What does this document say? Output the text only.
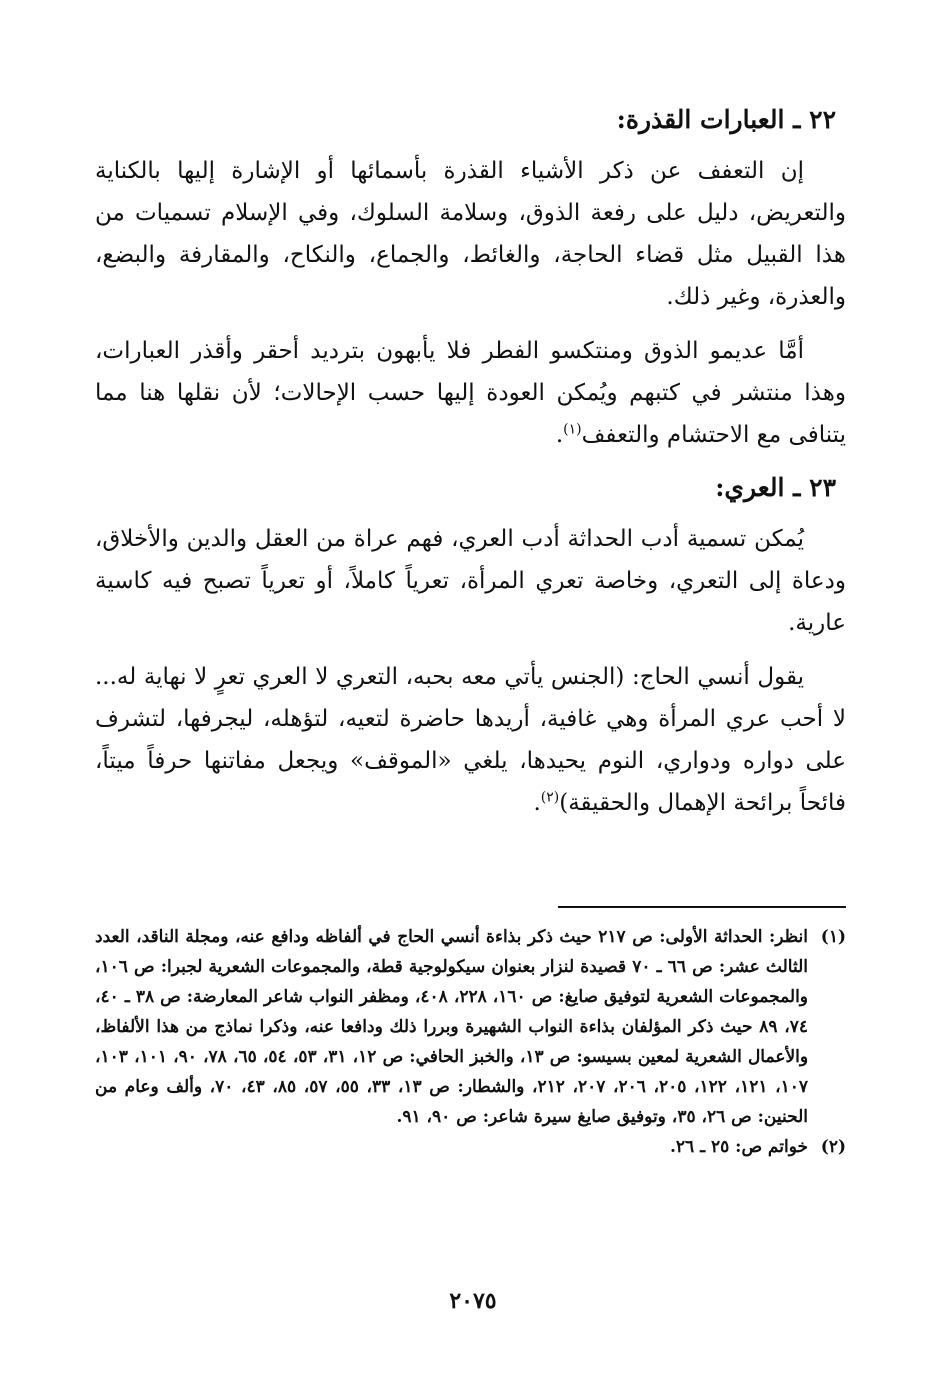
٢٢ ـ العبارات القذرة:

إن التعفف عن ذكر الأشياء القذرة بأسمائها أو الإشارة إليها بالكناية والتعريض، دليل على رفعة الذوق، وسلامة السلوك، وفي الإسلام تسميات من هذا القبيل مثل قضاء الحاجة، والغائط، والجماع، والنكاح، والمقارفة والبضع، والعذرة، وغير ذلك.

أمَّا عديمو الذوق ومنتكسو الفطر فلا يأبهون بترديد أحقر وأقذر العبارات، وهذا منتشر في كتبهم ويُمكن العودة إليها حسب الإحالات؛ لأن نقلها هنا مما يتنافى مع الاحتشام والتعفف$^{(١)}$.

٢٣ ـ العري:

يُمكن تسمية أدب الحداثة أدب العري، فهم عراة من العقل والدين والأخلاق، ودعاة إلى التعري، وخاصة تعري المرأة، تعرياً كاملاً، أو تعرياً تصبح فيه كاسية عارية.

يقول أنسي الحاج: (الجنس يأتي معه بحبه، التعري لا العري تعرٍ لا نهاية له... لا أحب عري المرأة وهي غافية، أريدها حاضرة لتعيه، لتؤهله، ليجرفها، لتشرف على دواره ودواري، النوم يحيدها، يلغي «الموقف» ويجعل مفاتنها حرفاً ميتاً، فائحاً برائحة الإهمال والحقيقة)$^{(٢)}$.

(١)
انظر: الحداثة الأولى: ص ٢١٧ حيث ذكر بذاءة أنسي الحاج في ألفاظه ودافع عنه، ومجلة الناقد، العدد الثالث عشر: ص ٦٦ ـ ٧٠ قصيدة لنزار بعنوان سيكولوجية قطة، والمجموعات الشعرية لجبرا: ص ١٠٦، والمجموعات الشعرية لتوفيق صايغ: ص ١٦٠، ٢٢٨، ٤٠٨، ومظفر النواب شاعر المعارضة: ص ٣٨ ـ ٤٠، ٧٤، ٨٩ حيث ذكر المؤلفان بذاءة النواب الشهيرة وبررا ذلك ودافعا عنه، وذكرا نماذج من هذا الألفاظ، والأعمال الشعرية لمعين بسيسو: ص ١٣، والخبز الحافي: ص ١٢، ٣١، ٥٣، ٥٤، ٦٥، ٧٨، ٩٠، ١٠١، ١٠٣، ١٠٧، ١٢١، ١٢٢، ٢٠٥، ٢٠٦، ٢٠٧، ٢١٢، والشطار: ص ١٣، ٣٣، ٥٥، ٥٧، ٨٥، ٤٣، ٧٠، وألف وعام من الحنين: ص ٢٦، ٣٥، وتوفيق صايغ سيرة شاعر: ص ٩٠، ٩١.
(٢)
خواتم ص: ٢٥ ـ ٢٦.
٢٠٧٥
